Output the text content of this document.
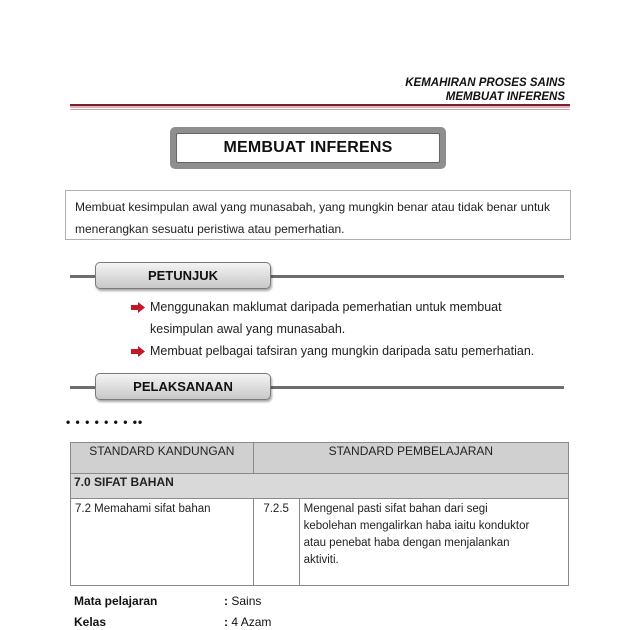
KEMAHIRAN PROSES SAINS
MEMBUAT INFERENS
MEMBUAT INFERENS
Membuat kesimpulan awal yang munasabah, yang mungkin benar atau tidak benar untuk
menerangkan sesuatu peristiwa atau pemerhatian.
PETUNJUK
Menggunakan maklumat daripada pemerhatian untuk membuat
kesimpulan awal yang munasabah.
Membuat pelbagai tafsiran yang mungkin daripada satu pemerhatian.
PELAKSANAAN
• • • • • • • ••
STANDARD KANDUNGAN	STANDARD PEMBELAJARAN	
7.0 SIFAT BAHAN		
7.2 Memahami sifat bahan	7.2.5	Mengenal pasti sifat bahan dari segi
kebolehan mengalirkan haba iaitu konduktor
atau penebat haba dengan menjalankan
aktiviti.
Mata pelajaran	: Sains
Kelas	: 4 Azam
